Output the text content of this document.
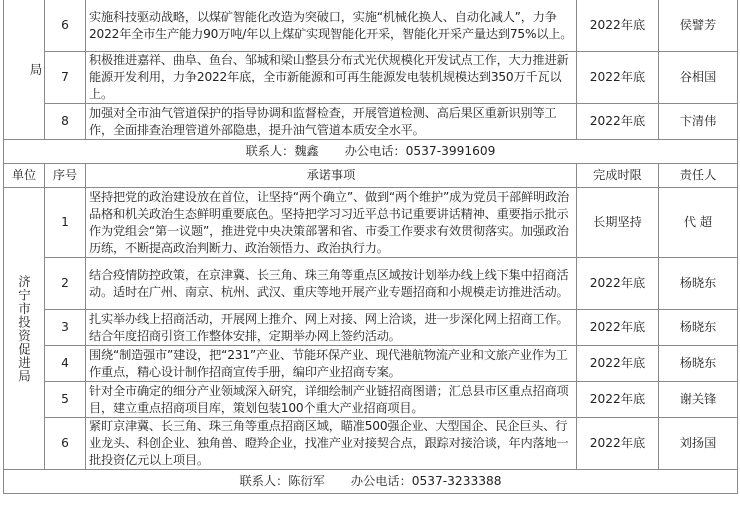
局	6	实施科技驱动战略，以煤矿智能化改造为突破口，实施“机械化换人、自动化减人”，力争2022年全市生产能力90万吨/年以上煤矿实现智能化开采，智能化开采产量达到75%以上。	2022年底	侯譬芳
	7	积极推进嘉祥、曲阜、鱼台、邹城和梁山整县分布式光伏规模化开发试点工作，大力推进新能源开发利用，力争2022年底，全市新能源和可再生能源发电装机规模达到350万千瓦以上。	2022年底	谷相国
	8	加强对全市油气管道保护的指导协调和监督检查，开展管道检测、高后果区重新识别等工作，全面排查治理管道外部隐患，提升油气管道本质安全水平。	2022年底	卞清伟
联系人：魏鑫 办公电话：0537-3991609				
单位	序号	承诺事项	完成时限	责任人
济宁市投资促进局	1	坚持把党的政治建设放在首位，让坚持“两个确立”、做到“两个维护”成为党员干部鲜明政治品格和机关政治生态鲜明重要底色。坚持把学习习近平总书记重要讲话精神、重要指示批示作为党组会“第一议题”，推进党中央决策部署和省、市委工作要求有效贯彻落实。加强政治历练，不断提高政治判断力、政治领悟力、政治执行力。	长期坚持	代 超
	2	结合疫情防控政策，在京津冀、长三角、珠三角等重点区域按计划举办线上线下集中招商活动。适时在广州、南京、杭州、武汉、重庆等地开展产业专题招商和小规模走访推进活动。	2022年底	杨晓东
	3	扎实举办线上招商活动，开展网上推介、网上对接、网上洽谈，进一步深化网上招商工作。结合年度招商引资工作整体安排，定期举办网上签约活动。	2022年底	杨晓东
	4	围绕“制造强市”建设，把“231”产业、节能环保产业、现代港航物流产业和文旅产业作为工作重点，精心设计制作招商宣传手册，编印产业招商专案。	2022年底	杨晓东
	5	针对全市确定的细分产业领域深入研究，详细绘制产业链招商图谱；汇总县市区重点招商项目，建立重点招商项目库，策划包装100个重大产业招商项目。	2022年底	谢关锋
	6	紧盯京津冀、长三角、珠三角等重点招商区域，瞄准500强企业、大型国企、民企巨头、行业龙头、科创企业、独角兽、瞪羚企业，找准产业对接契合点，跟踪对接洽谈，年内落地一批投资亿元以上项目。	2022年底	刘扬国
联系人：陈衍军 办公电话：0537-3233388				
